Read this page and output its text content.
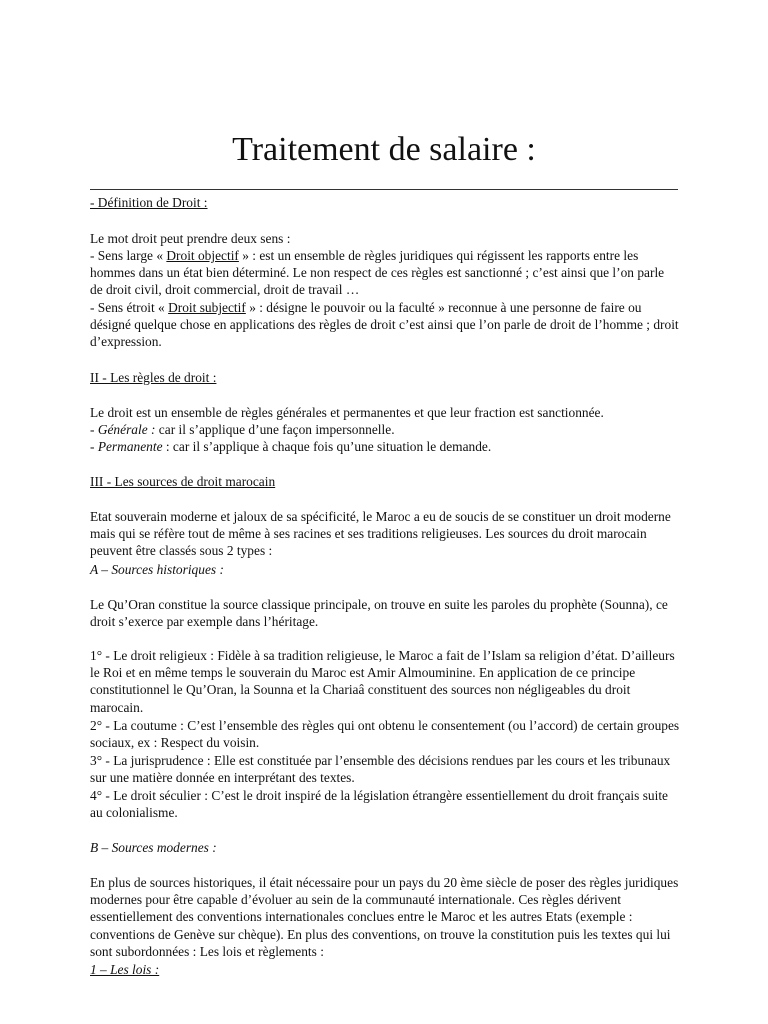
Traitement de salaire :
- Définition de Droit :
Le mot droit peut prendre deux sens :
- Sens large « Droit objectif » : est un ensemble de règles juridiques qui régissent les rapports entre les hommes dans un état bien déterminé. Le non respect de ces règles est sanctionné ; c’est ainsi que l’on parle de droit civil, droit commercial, droit de travail …
- Sens étroit « Droit subjectif » : désigne le pouvoir ou la faculté » reconnue à une personne de faire ou désigné quelque chose en applications des règles de droit c’est ainsi que l’on parle de droit de l’homme ; droit d’expression.
II - Les règles de droit :
Le droit est un ensemble de règles générales et permanentes et que leur fraction est sanctionnée.
- Générale : car il s’applique d’une façon impersonnelle.
- Permanente : car il s’applique à chaque fois qu’une situation le demande.
III - Les sources de droit marocain
Etat souverain moderne et jaloux de sa spécificité, le Maroc a eu de soucis de se constituer un droit moderne mais qui se réfère tout de même à ses racines et ses traditions religieuses. Les sources du droit marocain peuvent être classés sous 2 types :
A – Sources historiques :
Le Qu’Oran constitue la source classique principale, on trouve en suite les paroles du prophète (Sounna), ce droit s’exerce par exemple dans l’héritage.
1° - Le droit religieux : Fidèle à sa tradition religieuse, le Maroc a fait de l’Islam sa religion d’état. D’ailleurs le Roi et en même temps le souverain du Maroc est Amir Almouminine. En application de ce principe constitutionnel le Qu’Oran, la Sounna et la Chariaâ constituent des sources non négligeables du droit marocain.
2° - La coutume : C’est l’ensemble des règles qui ont obtenu le consentement (ou l’accord) de certain groupes sociaux, ex : Respect du voisin.
3° - La jurisprudence : Elle est constituée par l’ensemble des décisions rendues par les cours et les tribunaux sur une matière donnée en interprétant des textes.
4° - Le droit séculier : C’est le droit inspiré de la législation étrangère essentiellement du droit français suite au colonialisme.
B – Sources modernes :
En plus de sources historiques, il était nécessaire pour un pays du 20 ème siècle de poser des règles juridiques modernes pour être capable d’évoluer au sein de la communauté internationale. Ces règles dérivent essentiellement des conventions internationales conclues entre le Maroc et les autres Etats (exemple : conventions de Genève sur chèque). En plus des conventions, on trouve la constitution puis les textes qui lui sont subordonnées : Les lois et règlements :
1 – Les lois :
